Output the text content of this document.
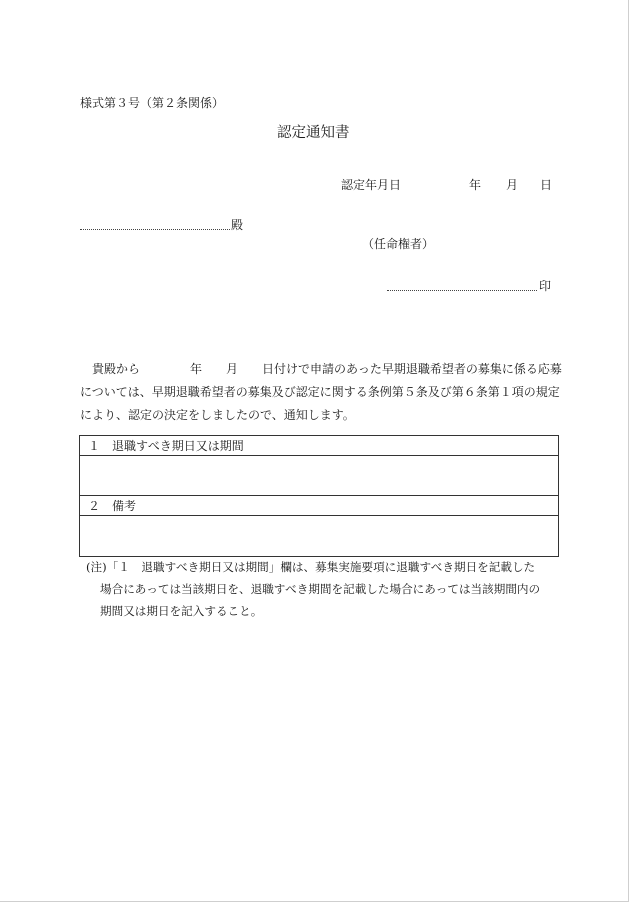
様式第３号（第２条関係）
認定通知書
認定年月日	年 月 日
殿
（任命権者）
印
貴殿から	年 月 日付けで申請のあった早期退職希望者の募集に係る応募
については、早期退職希望者の募集及び認定に関する条例第５条及び第６条第１項の規定
により、認定の決定をしましたので、通知します。
１　退職すべき期日又は期間
２　備考
(注)「１　退職すべき期日又は期間」欄は、募集実施要項に退職すべき期日を記載した
場合にあっては当該期日を、退職すべき期間を記載した場合にあっては当該期間内の
期間又は期日を記入すること。
